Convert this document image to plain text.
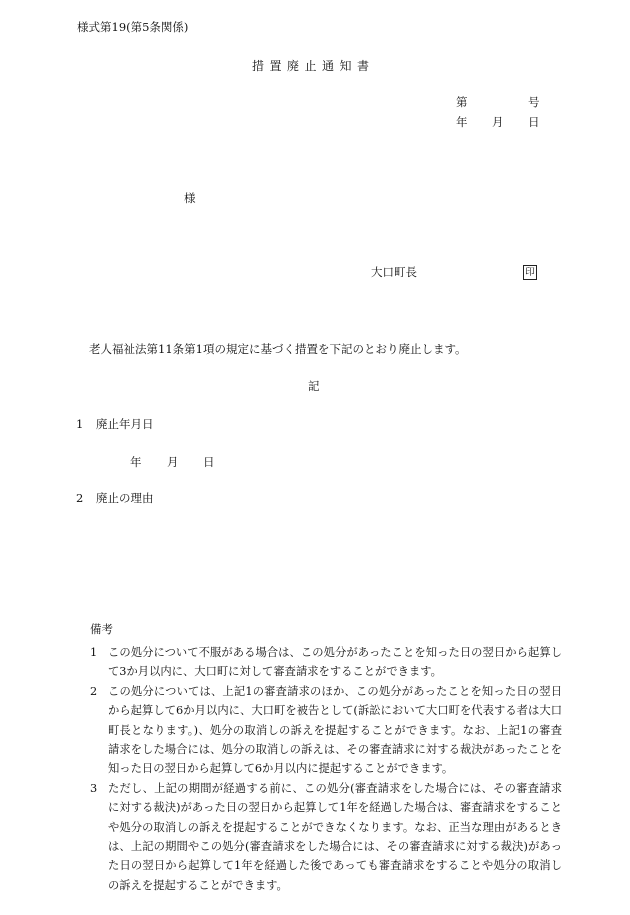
様式第19(第5条関係)
措置廃止通知書
第	号
年 月 日
様
大口町長	印
老人福祉法第11条第1項の規定に基づく措置を下記のとおり廃止します。
記
1 廃止年月日
年 月 日
2 廃止の理由
備考
1 この処分について不服がある場合は、この処分があったことを知った日の翌日から起算して3か月以内に、大口町に対して審査請求をすることができます。
2 この処分については、上記1の審査請求のほか、この処分があったことを知った日の翌日から起算して6か月以内に、大口町を被告として(訴訟において大口町を代表する者は大口町長となります。)、処分の取消しの訴えを提起することができます。なお、上記1の審査請求をした場合には、処分の取消しの訴えは、その審査請求に対する裁決があったことを知った日の翌日から起算して6か月以内に提起することができます。
3 ただし、上記の期間が経過する前に、この処分(審査請求をした場合には、その審査請求に対する裁決)があった日の翌日から起算して1年を経過した場合は、審査請求をすることや処分の取消しの訴えを提起することができなくなります。なお、正当な理由があるときは、上記の期間やこの処分(審査請求をした場合には、その審査請求に対する裁決)があった日の翌日から起算して1年を経過した後であっても審査請求をすることや処分の取消しの訴えを提起することができます。
